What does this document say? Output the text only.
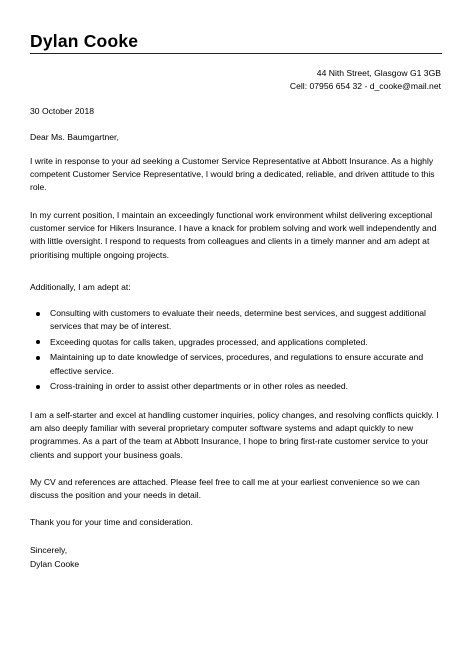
Dylan Cooke
44 Nith Street, Glasgow G1 3GB
Cell: 07956 654 32 - d_cooke@mail.net

30 October 2018

Dear Ms. Baumgartner,

I write in response to your ad seeking a Customer Service Representative at Abbott Insurance. As a highly competent Customer Service Representative, I would bring a dedicated, reliable, and driven attitude to this role.

In my current position, I maintain an exceedingly functional work environment whilst delivering exceptional customer service for Hikers Insurance. I have a knack for problem solving and work well independently and with little oversight. I respond to requests from colleagues and clients in a timely manner and am adept at prioritising multiple ongoing projects.

Additionally, I am adept at:

Consulting with customers to evaluate their needs, determine best services, and suggest additional services that may be of interest.
Exceeding quotas for calls taken, upgrades processed, and applications completed.
Maintaining up to date knowledge of services, procedures, and regulations to ensure accurate and effective service.
Cross-training in order to assist other departments or in other roles as needed.

I am a self-starter and excel at handling customer inquiries, policy changes, and resolving conflicts quickly. I am also deeply familiar with several proprietary computer software systems and adapt quickly to new programmes. As a part of the team at Abbott Insurance, I hope to bring first-rate customer service to your clients and support your business goals.

My CV and references are attached. Please feel free to call me at your earliest convenience so we can discuss the position and your needs in detail.

Thank you for your time and consideration.

Sincerely,

Dylan Cooke
